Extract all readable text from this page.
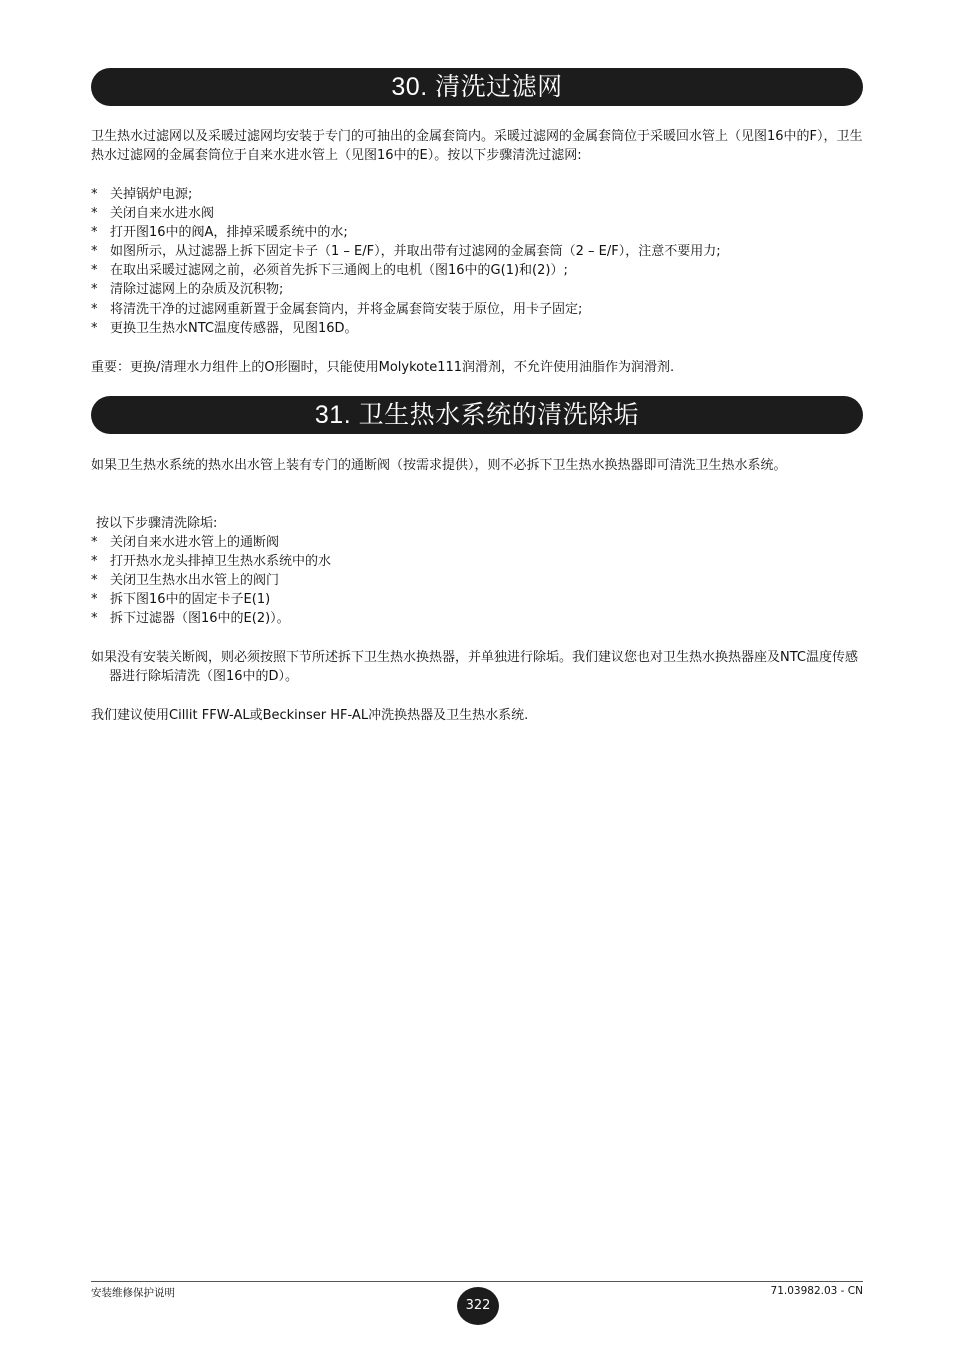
30. 清洗过滤网

卫生热水过滤网以及采暖过滤网均安装于专门的可抽出的金属套筒内。采暖过滤网的金属套筒位于采暖回水管上（见图16中的F），卫生热水过滤网的金属套筒位于自来水进水管上（见图16中的E）。按以下步骤清洗过滤网:

* 关掉锅炉电源;
* 关闭自来水进水阀
* 打开图16中的阀A，排掉采暖系统中的水;
* 如图所示，从过滤器上拆下固定卡子（1 – E/F），并取出带有过滤网的金属套筒（2 – E/F），注意不要用力;
* 在取出采暖过滤网之前，必须首先拆下三通阀上的电机（图16中的G(1)和(2)）;
* 清除过滤网上的杂质及沉积物;
* 将清洗干净的过滤网重新置于金属套筒内，并将金属套筒安装于原位，用卡子固定;
* 更换卫生热水NTC温度传感器，见图16D。

重要：更换/清理水力组件上的O形圈时，只能使用Molykote111润滑剂，不允许使用油脂作为润滑剂.

31. 卫生热水系统的清洗除垢

如果卫生热水系统的热水出水管上装有专门的通断阀（按需求提供），则不必拆下卫生热水换热器即可清洗卫生热水系统。

按以下步骤清洗除垢:

* 关闭自来水进水管上的通断阀
* 打开热水龙头排掉卫生热水系统中的水
* 关闭卫生热水出水管上的阀门
* 拆下图16中的固定卡子E(1)
* 拆下过滤器（图16中的E(2)）。

如果没有安装关断阀，则必须按照下节所述拆下卫生热水换热器，并单独进行除垢。我们建议您也对卫生热水换热器座及NTC温度传感器进行除垢清洗（图16中的D）。

我们建议使用Cillit FFW-AL或Beckinser HF-AL冲洗换热器及卫生热水系统.

安装维修保护说明
322
71.03982.03 - CN
